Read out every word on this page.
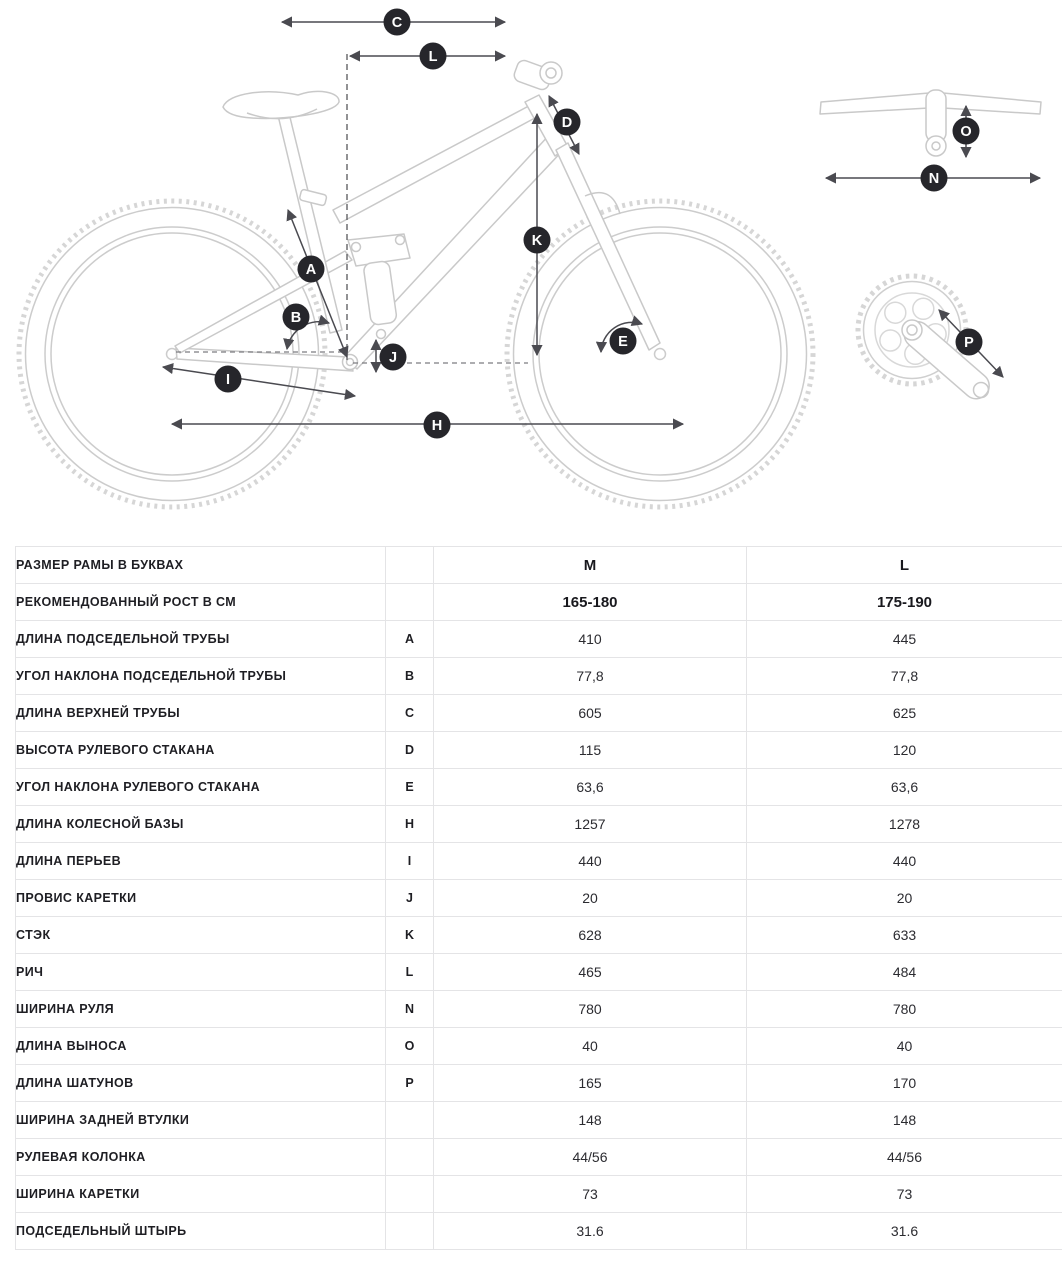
C
L
D
K
A
B
J
E
I
H
O
N
P
РАЗМЕР РАМЫ В БУКВАХ		M	L
РЕКОМЕНДОВАННЫЙ РОСТ В СМ		165-180	175-190
ДЛИНА ПОДСЕДЕЛЬНОЙ ТРУБЫ	A	410	445
УГОЛ НАКЛОНА ПОДСЕДЕЛЬНОЙ ТРУБЫ	B	77,8	77,8
ДЛИНА ВЕРХНЕЙ ТРУБЫ	C	605	625
ВЫСОТА РУЛЕВОГО СТАКАНА	D	115	120
УГОЛ НАКЛОНА РУЛЕВОГО СТАКАНА	E	63,6	63,6
ДЛИНА КОЛЕСНОЙ БАЗЫ	H	1257	1278
ДЛИНА ПЕРЬЕВ	I	440	440
ПРОВИС КАРЕТКИ	J	20	20
СТЭК	K	628	633
РИЧ	L	465	484
ШИРИНА РУЛЯ	N	780	780
ДЛИНА ВЫНОСА	O	40	40
ДЛИНА ШАТУНОВ	P	165	170
ШИРИНА ЗАДНЕЙ ВТУЛКИ		148	148
РУЛЕВАЯ КОЛОНКА		44/56	44/56
ШИРИНА КАРЕТКИ		73	73
ПОДСЕДЕЛЬНЫЙ ШТЫРЬ		31.6	31.6
